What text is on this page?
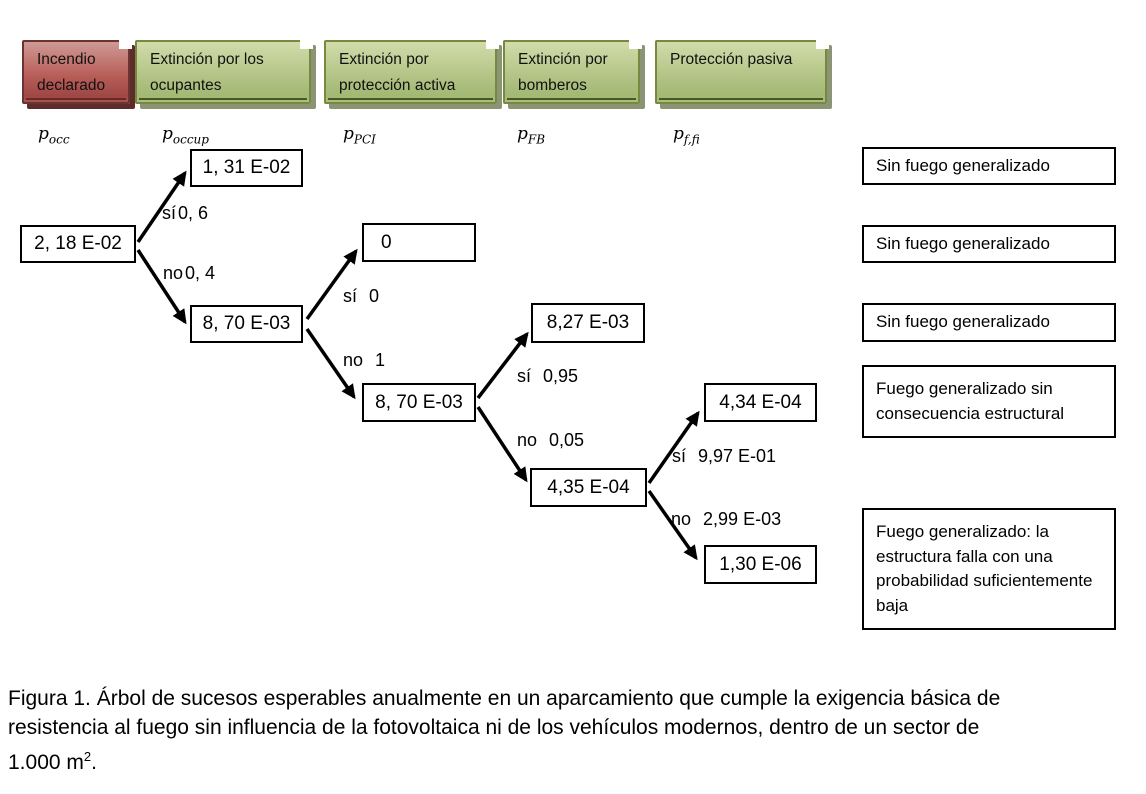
Incendio declarado
Extinción por los ocupantes
Extinción por protección activa
Extinción por bomberos
Protección pasiva
$p_{occ}$	$p_{occup}$	$p_{PCI}$	$p_{FB}$	$p_{f,fi}$
2, 18 E-02
1, 31 E-02
8, 70 E-03
0
8, 70 E-03
8,27 E-03
4,35 E-04
4,34 E-04
1,30 E-06
sí 0, 6
no 0, 4
sí 0
no 1
sí 0,95
no 0,05
sí 9,97 E-01
no 2,99 E-03
Sin fuego generalizado
Sin fuego generalizado
Sin fuego generalizado
Fuego generalizado sin consecuencia estructural
Fuego generalizado: la estructura falla con una probabilidad suficientemente baja
Figura 1. Árbol de sucesos esperables anualmente en un aparcamiento que cumple la exigencia básica de
resistencia al fuego sin influencia de la fotovoltaica ni de los vehículos modernos, dentro de un sector de
1.000 $m^2$.
